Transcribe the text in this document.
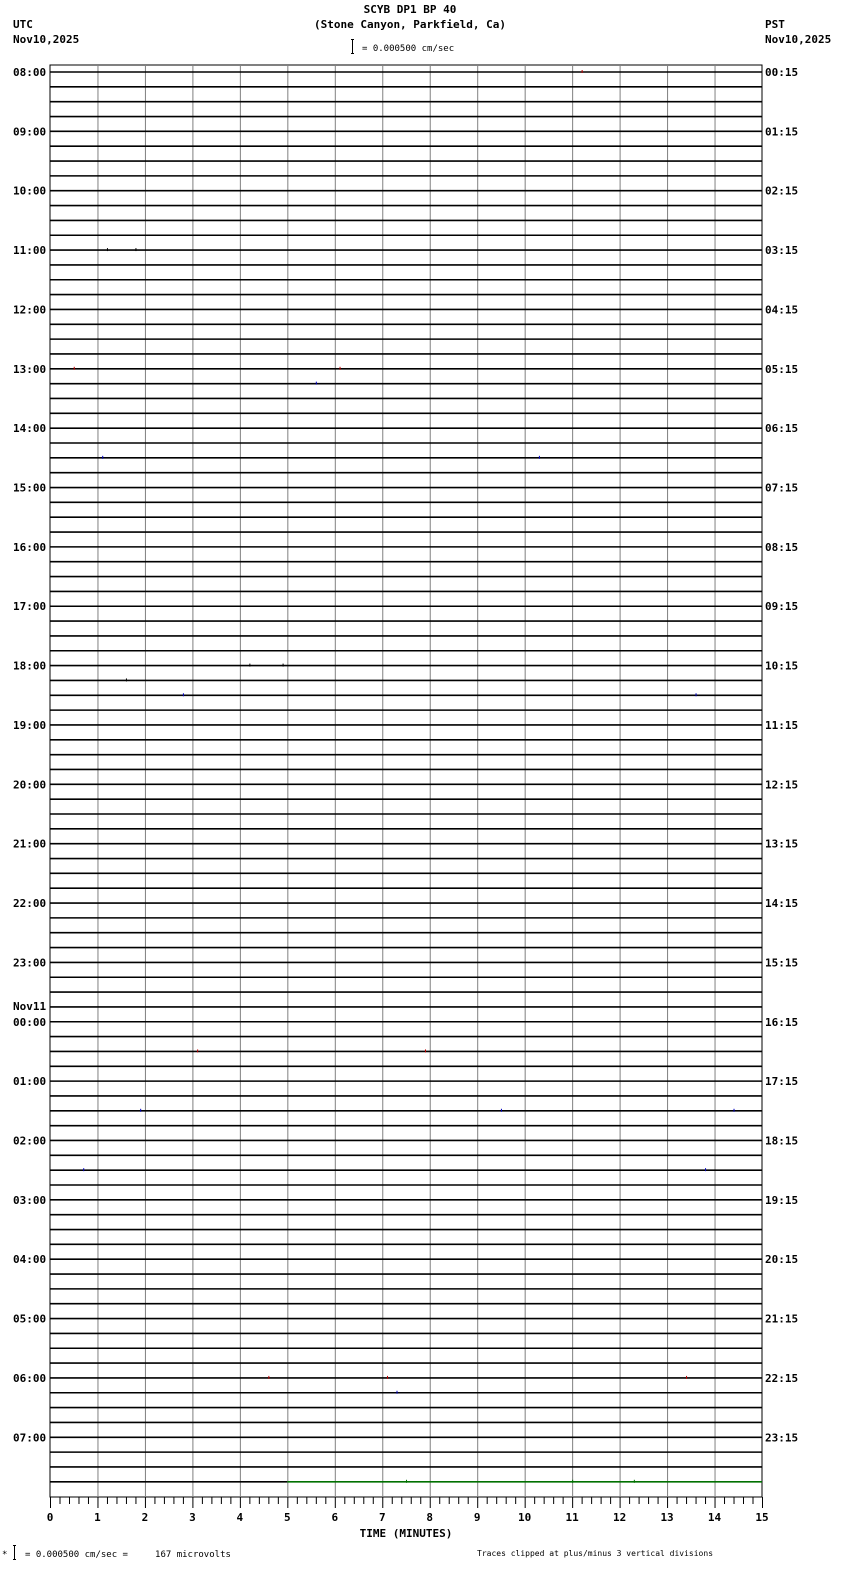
SCYB DP1 BP 40
(Stone Canyon, Parkfield, Ca)
UTC
Nov10,2025
PST
Nov10,2025
= 0.000500 cm/sec
08:00	00:15
09:00	01:15
10:00	02:15
11:00	03:15
12:00	04:15
13:00	05:15
14:00	06:15
15:00	07:15
16:00	08:15
17:00	09:15
18:00	10:15
19:00	11:15
20:00	12:15
21:00	13:15
22:00	14:15
23:00	15:15
00:00	16:15
Nov11
01:00	17:15
02:00	18:15
03:00	19:15
04:00	20:15
05:00	21:15
06:00	22:15
07:00	23:15
0	1	2	3	4	5	6	7	8	9	10	11	12	13	14	15
TIME (MINUTES)
* = 0.000500 cm/sec =     167 microvolts	Traces clipped at plus/minus 3 vertical divisions
